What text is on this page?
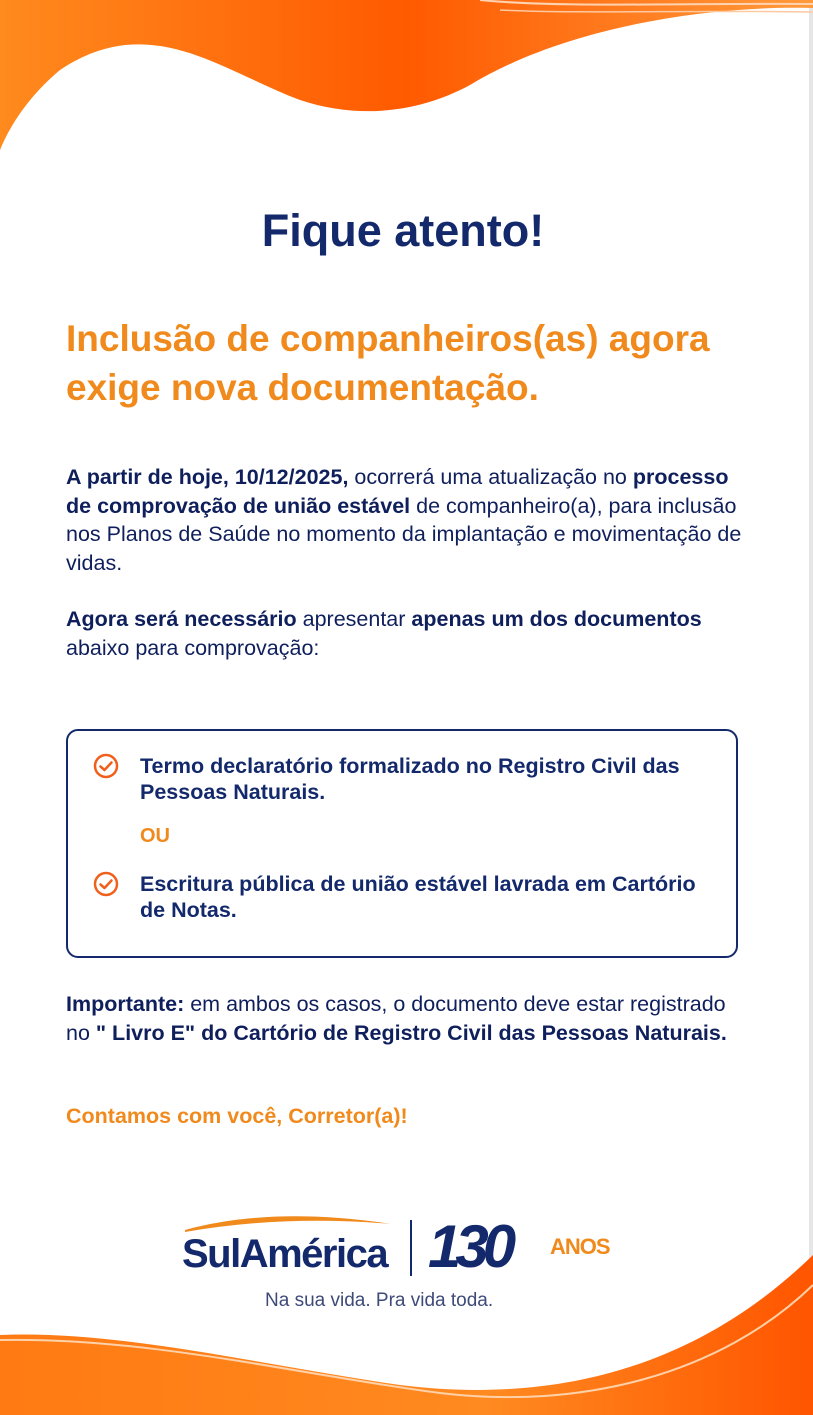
Fique atento!
Inclusão de companheiros(as) agora exige nova documentação.
A partir de hoje, 10/12/2025, ocorrerá uma atualização no processo de comprovação de união estável de companheiro(a), para inclusão nos Planos de Saúde no momento da implantação e movimentação de vidas.
Agora será necessário apresentar apenas um dos documentos abaixo para comprovação:
Termo declaratório formalizado no Registro Civil das Pessoas Naturais.
OU
Escritura pública de união estável lavrada em Cartório de Notas.
Importante: em ambos os casos, o documento deve estar registrado no " Livro E" do Cartório de Registro Civil das Pessoas Naturais.
Contamos com você, Corretor(a)!
SulAmérica 130 ANOS
Na sua vida. Pra vida toda.
